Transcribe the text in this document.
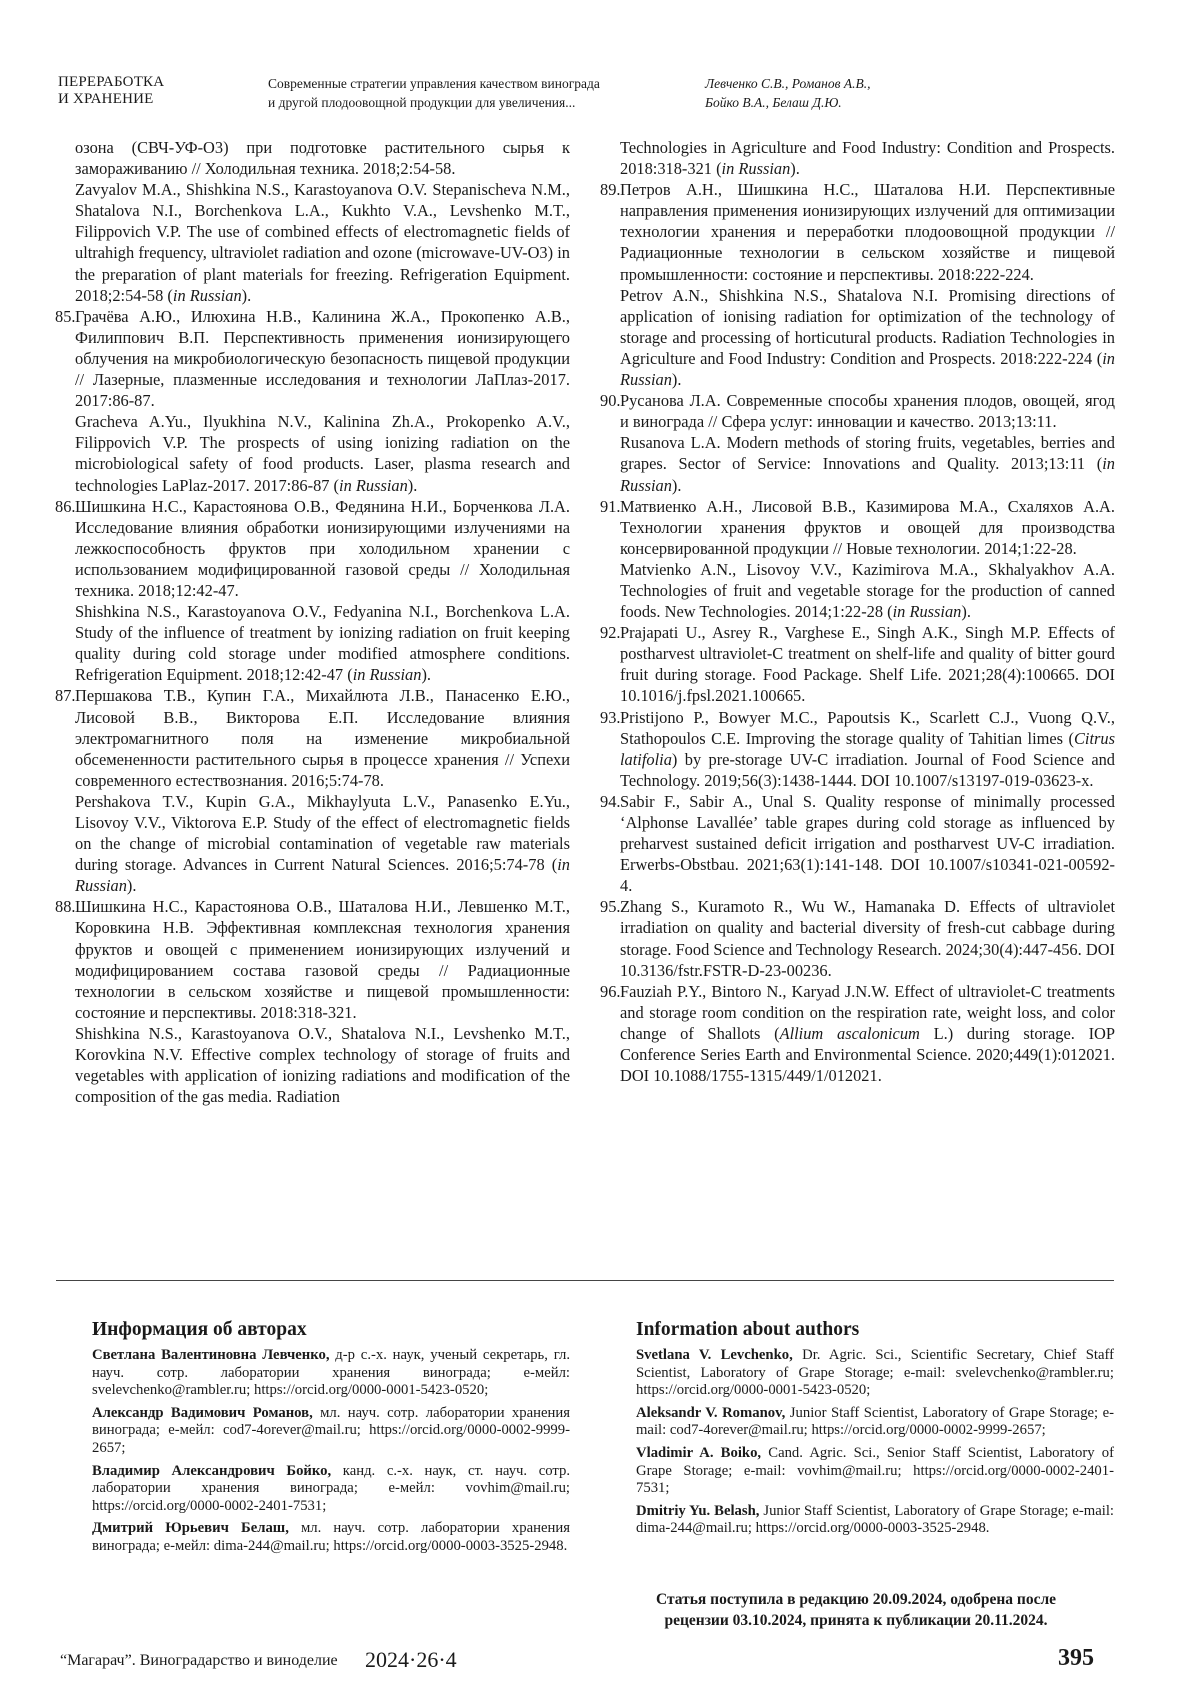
ПЕРЕРАБОТКА
И ХРАНЕНИЕ
Современные стратегии управления качеством винограда
и другой плодоовощной продукции для увеличения...
Левченко С.В., Романов А.В.,
Бойко В.А., Белаш Д.Ю.

озона (СВЧ-УФ-О3) при подготовке растительного сырья к замораживанию // Холодильная техника. 2018;2:54-58.
Zavyalov M.A., Shishkina N.S., Karastoyanova O.V. Stepanischeva N.M., Shatalova N.I., Borchenkova L.A., Kukhto V.A., Levshenko M.T., Filippovich V.P. The use of combined effects of electromagnetic fields of ultrahigh frequency, ultraviolet radiation and ozone (microwave-UV-O3) in the preparation of plant materials for freezing. Refrigeration Equipment. 2018;2:54-58 (in Russian).

85.Грачёва А.Ю., Илюхина Н.В., Калинина Ж.А., Прокопенко А.В., Филиппович В.П. Перспективность применения ионизирующего облучения на микробиологическую безопасность пищевой продукции // Лазерные, плазменные исследования и технологии ЛаПлаз-2017. 2017:86-87.
Gracheva A.Yu., Ilyukhina N.V., Kalinina Zh.A., Prokopenko A.V., Filippovich V.P. The prospects of using ionizing radiation on the microbiological safety of food products. Laser, plasma research and technologies LaPlaz-2017. 2017:86-87 (in Russian).

86.Шишкина Н.С., Карастоянова О.В., Федянина Н.И., Борченкова Л.А. Исследование влияния обработки ионизирующими излучениями на лежкоспособность фруктов при холодильном хранении с использованием модифицированной газовой среды // Холодильная техника. 2018;12:42-47.
Shishkina N.S., Karastoyanova O.V., Fedyanina N.I., Borchenkova L.A. Study of the influence of treatment by ionizing radiation on fruit keeping quality during cold storage under modified atmosphere conditions. Refrigeration Equipment. 2018;12:42-47 (in Russian).

87.Першакова Т.В., Купин Г.А., Михайлюта Л.В., Панасенко Е.Ю., Лисовой В.В., Викторова Е.П. Исследование влияния электромагнитного поля на изменение микробиальной обсемененности растительного сырья в процессе хранения // Успехи современного естествознания. 2016;5:74-78.
Pershakova T.V., Kupin G.A., Mikhaylyuta L.V., Panasenko E.Yu., Lisovoy V.V., Viktorova E.P. Study of the effect of electromagnetic fields on the change of microbial contamination of vegetable raw materials during storage. Advances in Current Natural Sciences. 2016;5:74-78 (in Russian).

88.Шишкина Н.С., Карастоянова О.В., Шаталова Н.И., Левшенко М.Т., Коровкина Н.В. Эффективная комплексная технология хранения фруктов и овощей с применением ионизирующих излучений и модифицированием состава газовой среды // Радиационные технологии в сельском хозяйстве и пищевой промышленности: состояние и перспективы. 2018:318-321.
Shishkina N.S., Karastoyanova O.V., Shatalova N.I., Levshenko M.T., Korovkina N.V. Effective complex technology of storage of fruits and vegetables with application of ionizing radiations and modification of the composition of the gas media. Radiation

Technologies in Agriculture and Food Industry: Condition and Prospects. 2018:318-321 (in Russian).

89.Петров А.Н., Шишкина Н.С., Шаталова Н.И. Перспективные направления применения ионизирующих излучений для оптимизации технологии хранения и переработки плодоовощной продукции // Радиационные технологии в сельском хозяйстве и пищевой промышленности: состояние и перспективы. 2018:222-224.
Petrov A.N., Shishkina N.S., Shatalova N.I. Promising directions of application of ionising radiation for optimization of the technology of storage and processing of horticutural products. Radiation Technologies in Agriculture and Food Industry: Condition and Prospects. 2018:222-224 (in Russian).

90.Русанова Л.А. Современные способы хранения плодов, овощей, ягод и винограда // Сфера услуг: инновации и качество. 2013;13:11.
Rusanova L.A. Modern methods of storing fruits, vegetables, berries and grapes. Sector of Service: Innovations and Quality. 2013;13:11 (in Russian).

91.Матвиенко А.Н., Лисовой В.В., Казимирова М.А., Схаляхов А.А. Технологии хранения фруктов и овощей для производства консервированной продукции // Новые технологии. 2014;1:22-28.
Matvienko A.N., Lisovoy V.V., Kazimirova M.A., Skhalyakhov A.A. Technologies of fruit and vegetable storage for the production of canned foods. New Technologies. 2014;1:22-28 (in Russian).

92.Prajapati U., Asrey R., Varghese E., Singh A.K., Singh M.P. Effects of postharvest ultraviolet-C treatment on shelf-life and quality of bitter gourd fruit during storage. Food Package. Shelf Life. 2021;28(4):100665. DOI 10.1016/j.fpsl.2021.100665.

93.Pristijono P., Bowyer M.C., Papoutsis K., Scarlett C.J., Vuong Q.V., Stathopoulos C.E. Improving the storage quality of Tahitian limes (Citrus latifolia) by pre-storage UV-C irradiation. Journal of Food Science and Technology. 2019;56(3):1438-1444. DOI 10.1007/s13197-019-03623-x.

94.Sabir F., Sabir A., Unal S. Quality response of minimally processed ‘Alphonse Lavallée’ table grapes during cold storage as influenced by preharvest sustained deficit irrigation and postharvest UV-C irradiation. Erwerbs-Obstbau. 2021;63(1):141-148. DOI 10.1007/s10341-021-00592-4.

95.Zhang S., Kuramoto R., Wu W., Hamanaka D. Effects of ultraviolet irradiation on quality and bacterial diversity of fresh-cut cabbage during storage. Food Science and Technology Research. 2024;30(4):447-456. DOI 10.3136/fstr.FSTR-D-23-00236.

96.Fauziah P.Y., Bintoro N., Karyad J.N.W. Effect of ultraviolet-C treatments and storage room condition on the respiration rate, weight loss, and color change of Shallots (Allium ascalonicum L.) during storage. IOP Conference Series Earth and Environmental Science. 2020;449(1):012021. DOI 10.1088/1755-1315/449/1/012021.

Информация об авторах

Светлана Валентиновна Левченко, д-р с.-х. наук, ученый секретарь, гл. науч. сотр. лаборатории хранения винограда; е-мейл: svelevchenko@rambler.ru; https://orcid.org/0000-0001-5423-0520;

Александр Вадимович Романов, мл. науч. сотр. лаборатории хранения винограда; е-мейл: cod7-4orever@mail.ru; https://orcid.org/0000-0002-9999-2657;

Владимир Александрович Бойко, канд. с.-х. наук, ст. науч. сотр. лаборатории хранения винограда; е-мейл: vovhim@mail.ru; https://orcid.org/0000-0002-2401-7531;

Дмитрий Юрьевич Белаш, мл. науч. сотр. лаборатории хранения винограда; е-мейл: dima-244@mail.ru; https://orcid.org/0000-0003-3525-2948.

Information about authors

Svetlana V. Levchenko, Dr. Agric. Sci., Scientific Secretary, Chief Staff Scientist, Laboratory of Grape Storage; e-mail: svelevchenko@rambler.ru; https://orcid.org/0000-0001-5423-0520;

Aleksandr V. Romanov, Junior Staff Scientist, Laboratory of Grape Storage; e-mail: cod7-4orever@mail.ru; https://orcid.org/0000-0002-9999-2657;

Vladimir A. Boiko, Cand. Agric. Sci., Senior Staff Scientist, Laboratory of Grape Storage; e-mail: vovhim@mail.ru; https://orcid.org/0000-0002-2401-7531;

Dmitriy Yu. Belash, Junior Staff Scientist, Laboratory of Grape Storage; e-mail: dima-244@mail.ru; https://orcid.org/0000-0003-3525-2948.

Статья поступила в редакцию 20.09.2024, одобрена после
рецензии 03.10.2024, принята к публикации 20.11.2024.
“Магарач”. Виноградарство и виноделие 2024·26·4	395
